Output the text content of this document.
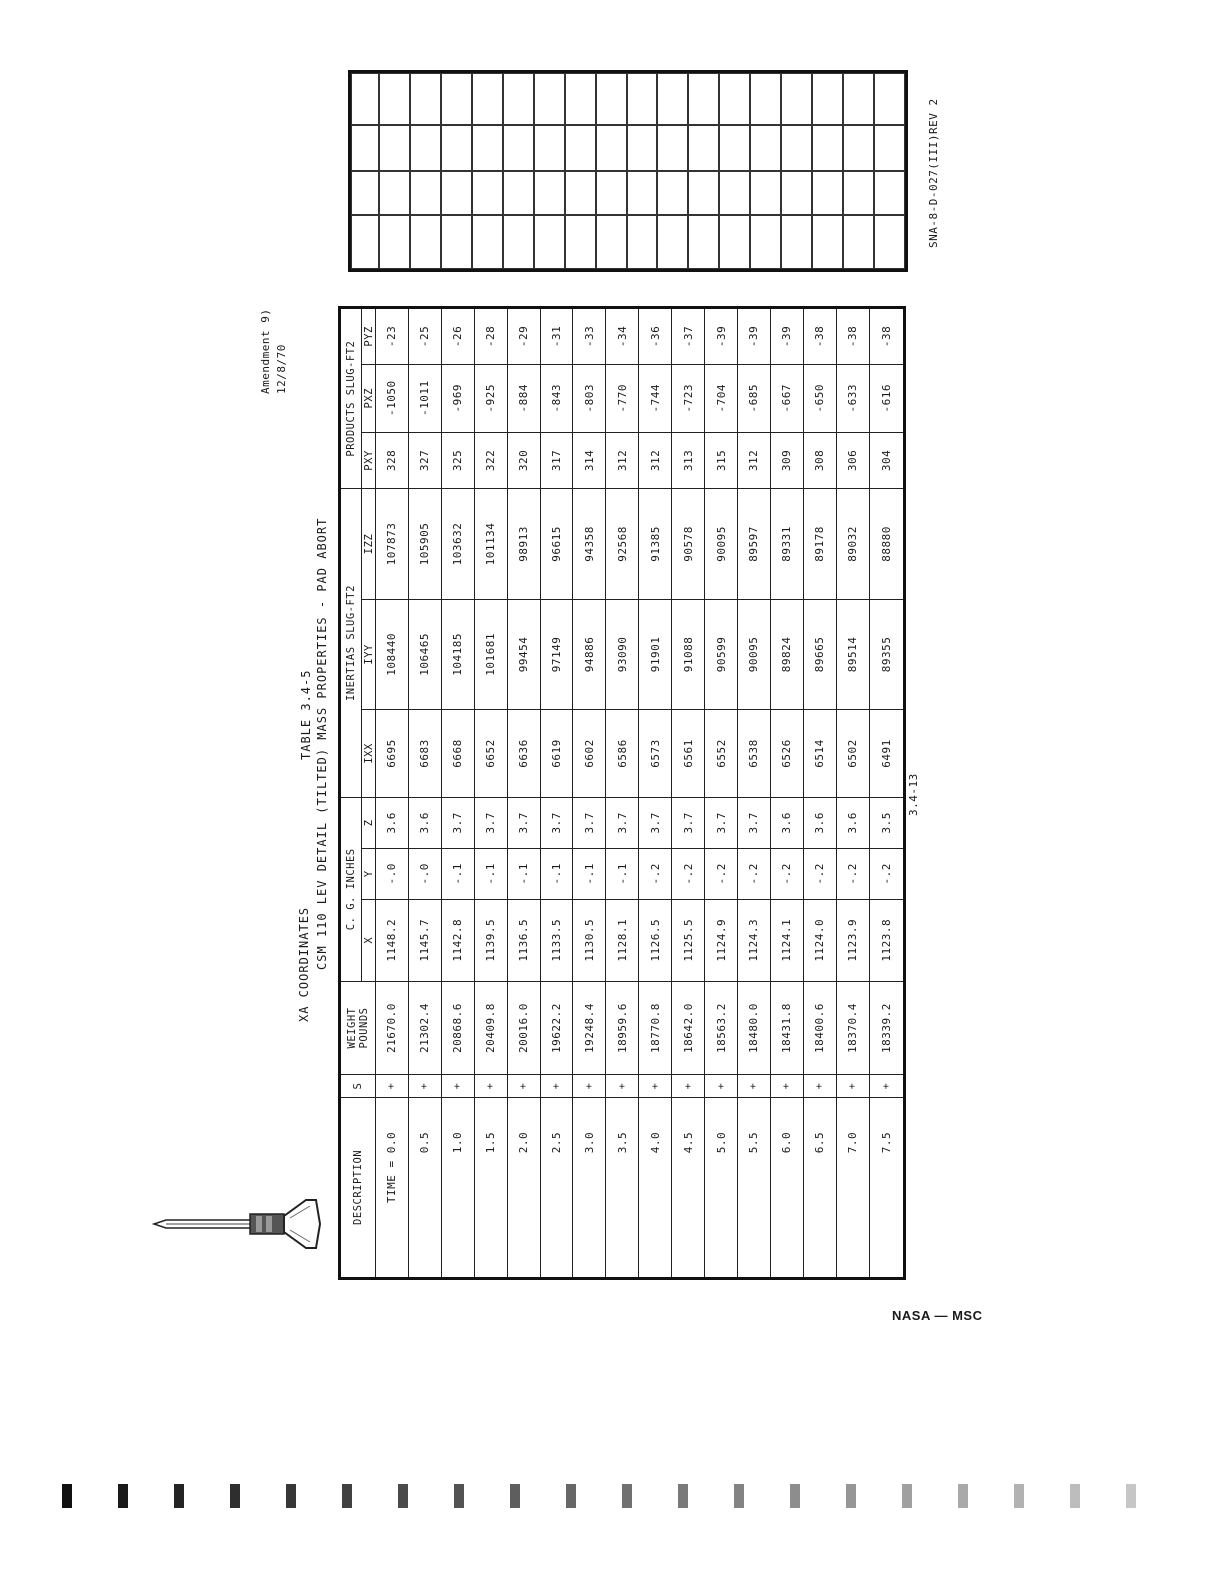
Amendment 9) 12/8/70
XA COORDINATES
TABLE 3.4-5 CSM 110 LEV DETAIL (TILTED) MASS PROPERTIES - PAD ABORT
DESCRIPTION	S	WEIGHT POUNDS	C. G. INCHES			INERTIAS SLUG-FT2			PRODUCTS SLUG-FT2		
			X	Y	Z	IXX	IYY	IZZ	PXY	PXZ	PYZ
TIME = 0.0	+	21670.0	1148.2	-.0	3.6	6695	108440	107873	328	-1050	-23
0.5	+	21302.4	1145.7	-.0	3.6	6683	106465	105905	327	-1011	-25
1.0	+	20868.6	1142.8	-.1	3.7	6668	104185	103632	325	-969	-26
1.5	+	20409.8	1139.5	-.1	3.7	6652	101681	101134	322	-925	-28
2.0	+	20016.0	1136.5	-.1	3.7	6636	99454	98913	320	-884	-29
2.5	+	19622.2	1133.5	-.1	3.7	6619	97149	96615	317	-843	-31
3.0	+	19248.4	1130.5	-.1	3.7	6602	94886	94358	314	-803	-33
3.5	+	18959.6	1128.1	-.1	3.7	6586	93090	92568	312	-770	-34
4.0	+	18770.8	1126.5	-.2	3.7	6573	91901	91385	312	-744	-36
4.5	+	18642.0	1125.5	-.2	3.7	6561	91088	90578	313	-723	-37
5.0	+	18563.2	1124.9	-.2	3.7	6552	90599	90095	315	-704	-39
5.5	+	18480.0	1124.3	-.2	3.7	6538	90095	89597	312	-685	-39
6.0	+	18431.8	1124.1	-.2	3.6	6526	89824	89331	309	-667	-39
6.5	+	18400.6	1124.0	-.2	3.6	6514	89665	89178	308	-650	-38
7.0	+	18370.4	1123.9	-.2	3.6	6502	89514	89032	306	-633	-38
7.5	+	18339.2	1123.8	-.2	3.5	6491	89355	88880	304	-616	-38
3.4-13
SNA-8-D-027(III)REV 2
NASA — MSC
